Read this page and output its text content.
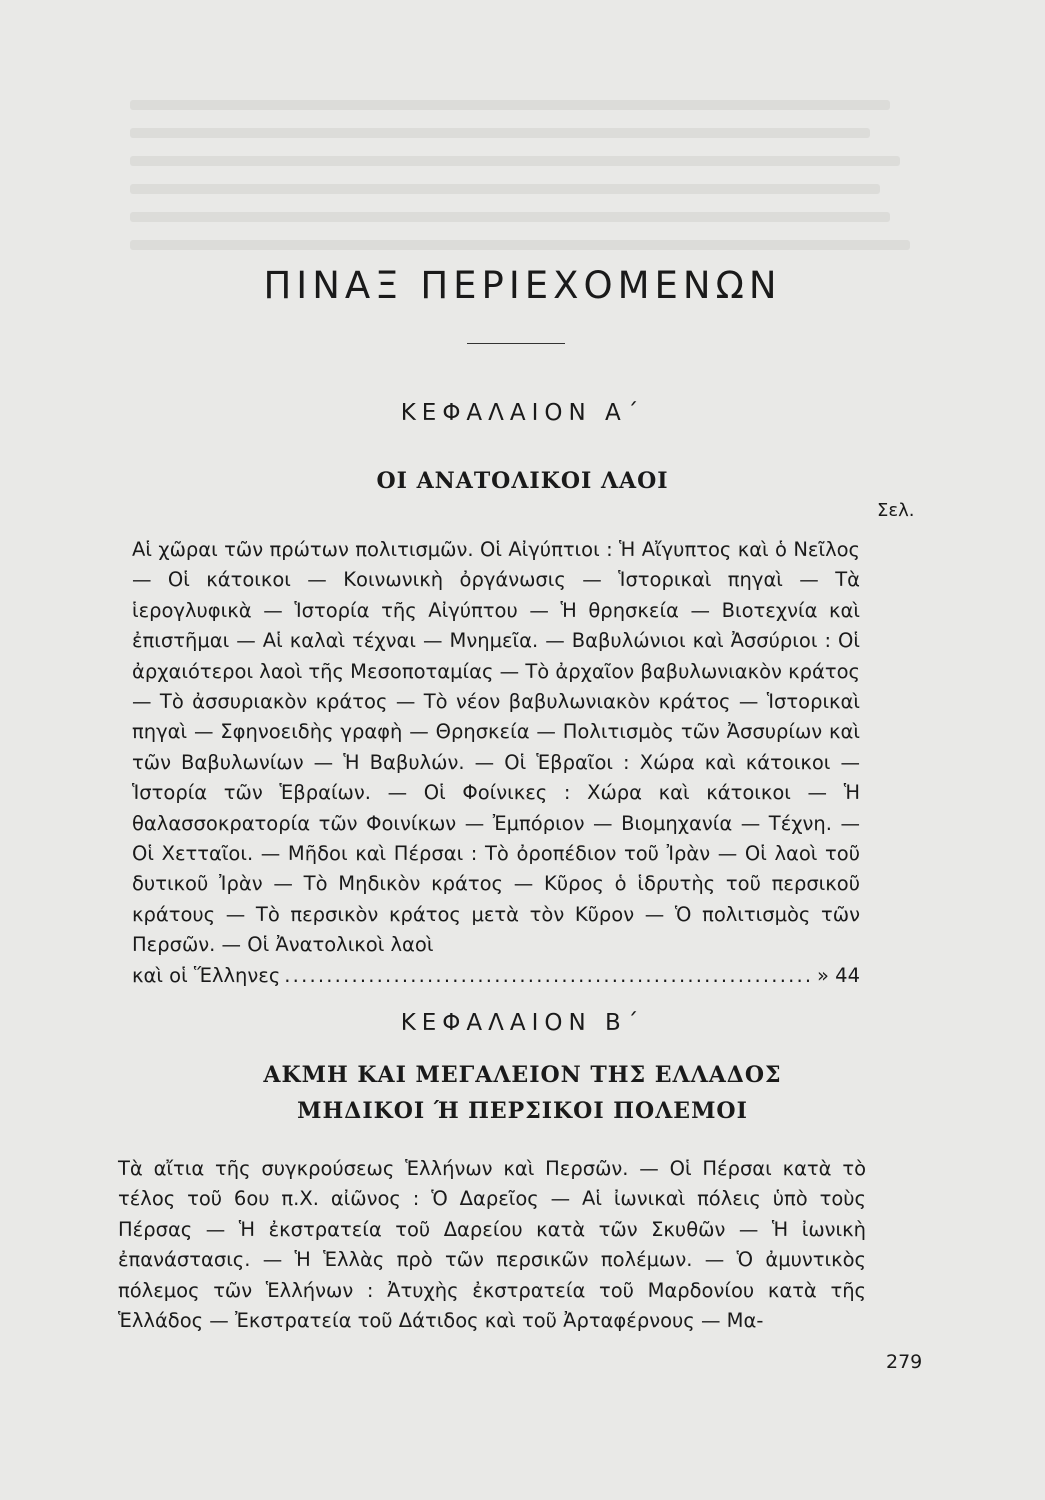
ΠΙΝΑΞ ΠΕΡΙΕΧΟΜΕΝΩΝ
ΚΕΦΑΛΑΙΟΝ Α΄
ΟΙ ΑΝΑΤΟΛΙΚΟΙ ΛΑΟΙ
Σελ.
Αἱ χῶραι τῶν πρώτων πολιτισμῶν. Οἱ Αἰγύπτιοι : Ἡ Αἴγυπτος καὶ ὁ Νεῖλος — Οἱ κάτοικοι — Κοινωνικὴ ὀργάνωσις — Ἱστορικαὶ πηγαὶ — Τὰ ἱερογλυφικὰ — Ἱστορία τῆς Αἰγύπτου — Ἡ θρησκεία — Βιοτεχνία καὶ ἐπιστῆμαι — Αἱ καλαὶ τέχναι — Μνημεῖα. — Βαβυλώνιοι καὶ Ἀσσύριοι : Οἱ ἀρχαιότεροι λαοὶ τῆς Μεσοποταμίας — Τὸ ἀρχαῖον βαβυλωνιακὸν κράτος — Τὸ ἀσσυριακὸν κράτος — Τὸ νέον βαβυλωνιακὸν κράτος — Ἱστορικαὶ πηγαὶ — Σφηνοειδὴς γραφὴ — Θρησκεία — Πολιτισμὸς τῶν Ἀσσυρίων καὶ τῶν Βαβυλωνίων — Ἡ Βαβυλών. — Οἱ Ἑβραῖοι : Χώρα καὶ κάτοικοι — Ἱστορία τῶν Ἑβραίων. — Οἱ Φοίνικες : Χώρα καὶ κάτοικοι — Ἡ θαλασσοκρατορία τῶν Φοινίκων — Ἐμπόριον — Βιομηχανία — Τέχνη. — Οἱ Χετταῖοι. — Μῆδοι καὶ Πέρσαι : Τὸ ὀροπέδιον τοῦ Ἰρὰν — Οἱ λαοὶ τοῦ δυτικοῦ Ἰρὰν — Τὸ Μηδικὸν κράτος — Κῦρος ὁ ἱδρυτὴς τοῦ περσικοῦ κράτους — Τὸ περσικὸν κράτος μετὰ τὸν Κῦρον — Ὁ πολιτισμὸς τῶν Περσῶν. — Οἱ Ἀνατολικοὶ λαοὶ
καὶ οἱ Ἕλληνες
. . .	» 44
ΚΕΦΑΛΑΙΟΝ Β΄
ΑΚΜΗ ΚΑΙ ΜΕΓΑΛΕΙΟΝ ΤΗΣ ΕΛΛΑΔΟΣ
ΜΗΔΙΚΟΙ Ή ΠΕΡΣΙΚΟΙ ΠΟΛΕΜΟΙ

Τὰ αἴτια τῆς συγκρούσεως Ἑλλήνων καὶ Περσῶν. — Οἱ Πέρσαι κατὰ τὸ τέλος τοῦ 6ου π.Χ. αἰῶνος : Ὁ Δαρεῖος — Αἱ ἰωνικαὶ πόλεις ὑπὸ τοὺς Πέρσας — Ἡ ἐκστρατεία τοῦ Δαρείου κατὰ τῶν Σκυθῶν — Ἡ ἰωνικὴ ἐπανάστασις. — Ἡ Ἑλλὰς πρὸ τῶν περσικῶν πολέμων. — Ὁ ἀμυντικὸς πόλεμος τῶν Ἑλλήνων : Ἀτυχὴς ἐκστρατεία τοῦ Μαρδονίου κατὰ τῆς Ἑλλάδος — Ἐκστρατεία τοῦ Δάτιδος καὶ τοῦ Ἀρταφέρνους — Μα-

279
